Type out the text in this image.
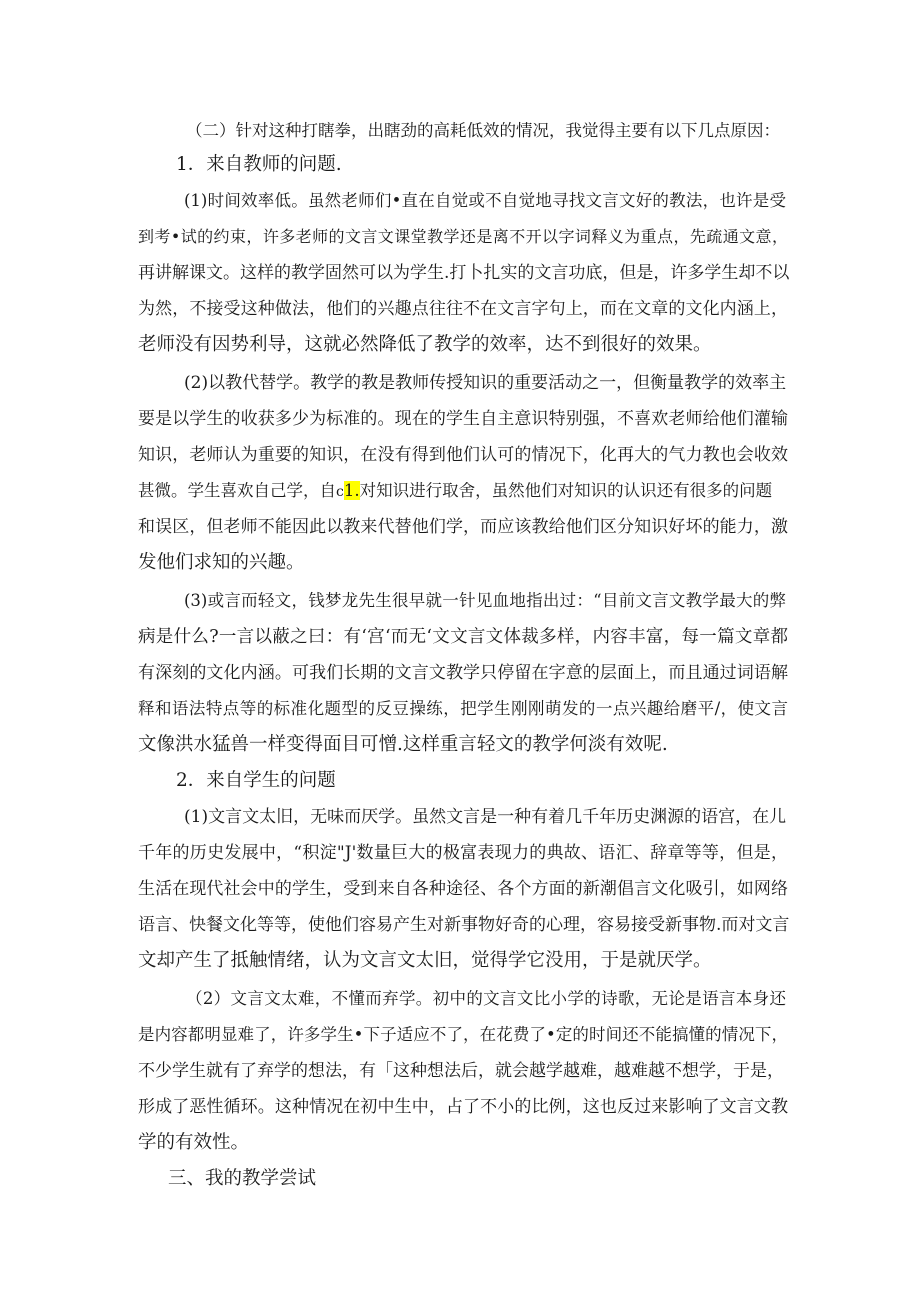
（二）针对这种打瞎拳，出瞎劲的高耗低效的情况，我觉得主要有以下几点原因：
1．来自教师的问题.
(1)时间效率低。虽然老师们•直在自觉或不自觉地寻找文言文好的教法，也许是受
到考•试的约束，许多老师的文言文课堂教学还是离不开以字词释义为重点，先疏通文意，
再讲解课文。这样的教学固然可以为学生.打卜扎实的文言功底，但是，许多学生却不以
为然，不接受这种做法，他们的兴趣点往往不在文言字句上，而在文章的文化内涵上，
老师没有因势利导，这就必然降低了教学的效率，达不到很好的效果。
(2)以教代替学。教学的教是教师传授知识的重要活动之一，但衡量教学的效率主
要是以学生的收获多少为标准的。现在的学生自主意识特别强，不喜欢老师给他们灌输
知识，老师认为重要的知识，在没有得到他们认可的情况下，化再大的气力教也会收效
甚微。学生喜欢自己学，自c1.对知识进行取舍，虽然他们对知识的认识还有很多的问题
和误区，但老师不能因此以教来代替他们学，而应该教给他们区分知识好坏的能力，激
发他们求知的兴趣。
(3)或言而轻文，钱梦龙先生很早就一针见血地指出过：“目前文言文教学最大的弊
病是什么?一言以蔽之曰：有‘宫‘而无‘文文言文体裁多样，内容丰富，每一篇文章都
有深刻的文化内涵。可我们长期的文言文教学只停留在字意的层面上，而且通过词语解
释和语法特点等的标准化题型的反豆操练，把学生刚刚萌发的一点兴趣给磨平/，使文言
文像洪水猛兽一样变得面目可憎.这样重言轻文的教学何淡有效呢.
2．来自学生的问题
(1)文言文太旧，无味而厌学。虽然文言是一种有着几千年历史渊源的语宫，在儿
千年的历史发展中，“积淀"J'数量巨大的极富表现力的典故、语汇、辞章等等，但是，
生活在现代社会中的学生，受到来自各种途径、各个方面的新潮倡言文化吸引，如网络
语言、快餐文化等等，使他们容易产生对新事物好奇的心理，容易接受新事物.而对文言
文却产生了抵触情绪，认为文言文太旧，觉得学它没用，于是就厌学。
（2）文言文太难，不懂而弃学。初中的文言文比小学的诗歌，无论是语言本身还
是内容都明显难了，许多学生•下子适应不了，在花费了•定的时间还不能搞懂的情况下，
不少学生就有了弃学的想法，有「这种想法后，就会越学越难，越难越不想学，于是，
形成了恶性循环。这种情况在初中生中，占了不小的比例，这也反过来影响了文言文教
学的有效性。
三、我的教学尝试
